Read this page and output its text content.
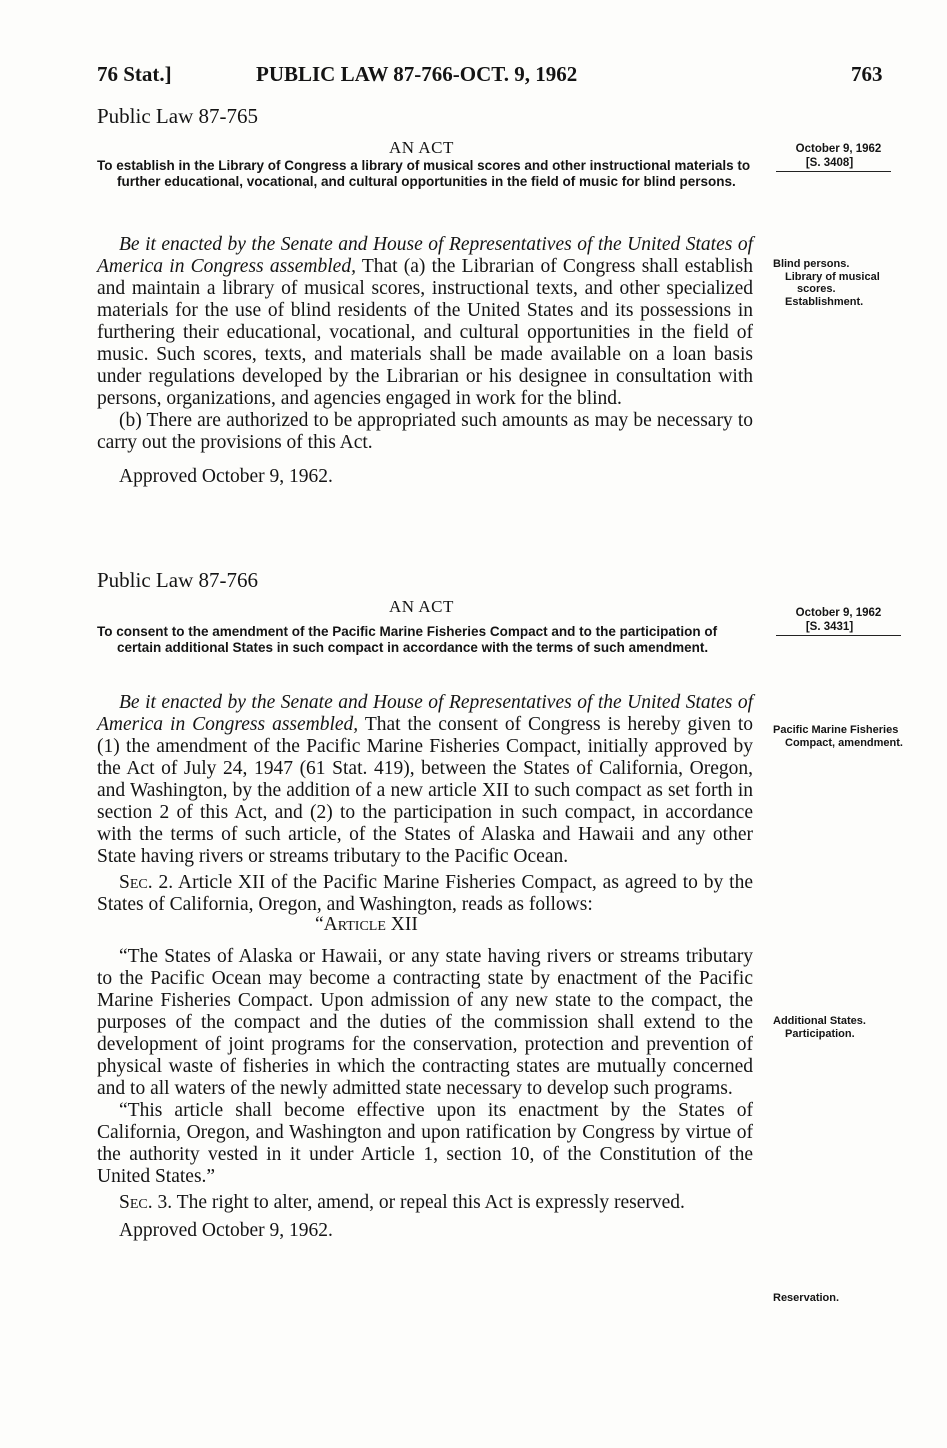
76 Stat.]	PUBLIC LAW 87-766-OCT. 9, 1962	763
Public Law 87-765
AN ACT	October 9, 1962
[S. 3408]

To establish in the Library of Congress a library of musical scores and other instructional materials to further educational, vocational, and cultural opportunities in the field of music for blind persons.

Be it enacted by the Senate and House of Representatives of the United States of America in Congress assembled, That (a) the Librarian of Congress shall establish and maintain a library of musical scores, instructional texts, and other specialized materials for the use of blind residents of the United States and its possessions in furthering their educational, vocational, and cultural opportunities in the field of music. Such scores, texts, and materials shall be made available on a loan basis under regulations developed by the Librarian or his designee in consultation with persons, organizations, and agencies engaged in work for the blind.

(b) There are authorized to be appropriated such amounts as may be necessary to carry out the provisions of this Act.

Approved October 9, 1962.

Blind persons.
Library of musical scores.
Establishment.
Public Law 87-766
AN ACT	October 9, 1962
[S. 3431]

To consent to the amendment of the Pacific Marine Fisheries Compact and to the participation of certain additional States in such compact in accordance with the terms of such amendment.

Be it enacted by the Senate and House of Representatives of the United States of America in Congress assembled, That the consent of Congress is hereby given to (1) the amendment of the Pacific Marine Fisheries Compact, initially approved by the Act of July 24, 1947 (61 Stat. 419), between the States of California, Oregon, and Washington, by the addition of a new article XII to such compact as set forth in section 2 of this Act, and (2) to the participation in such compact, in accordance with the terms of such article, of the States of Alaska and Hawaii and any other State having rivers or streams tributary to the Pacific Ocean.

Sec. 2. Article XII of the Pacific Marine Fisheries Compact, as agreed to by the States of California, Oregon, and Washington, reads as follows:

“Article XII

“The States of Alaska or Hawaii, or any state having rivers or streams tributary to the Pacific Ocean may become a contracting state by enactment of the Pacific Marine Fisheries Compact. Upon admission of any new state to the compact, the purposes of the compact and the duties of the commission shall extend to the development of joint programs for the conservation, protection and prevention of physical waste of fisheries in which the contracting states are mutually concerned and to all waters of the newly admitted state necessary to develop such programs.

“This article shall become effective upon its enactment by the States of California, Oregon, and Washington and upon ratification by Congress by virtue of the authority vested in it under Article 1, section 10, of the Constitution of the United States.”

Sec. 3. The right to alter, amend, or repeal this Act is expressly reserved.

Approved October 9, 1962.

Pacific Marine Fisheries Compact, amendment.
Additional States. Participation.
Reservation.
